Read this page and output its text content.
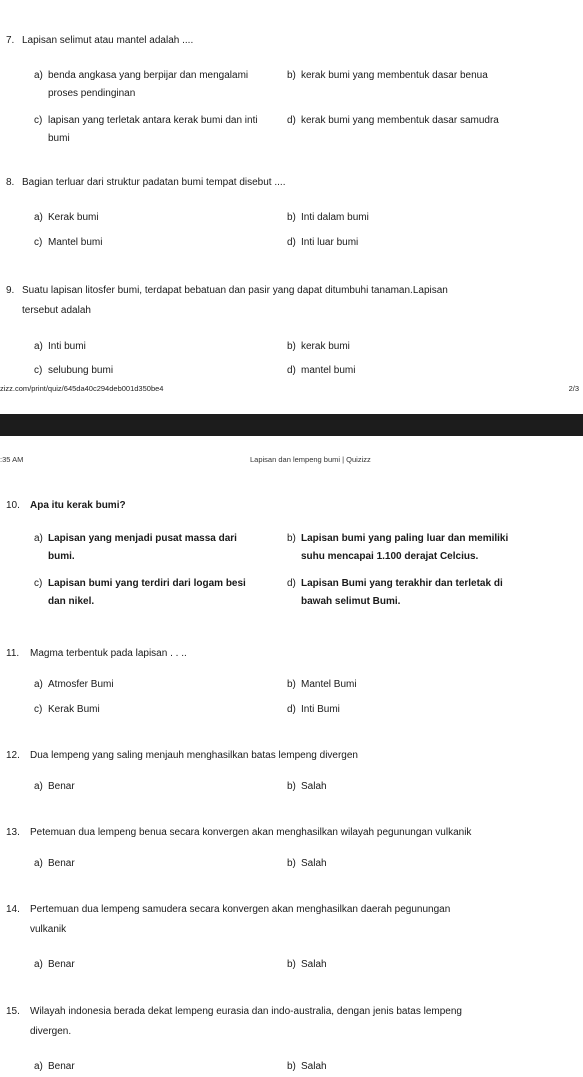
7. Lapisan selimut atau mantel adalah ....
a) benda angkasa yang berpijar dan mengalami
proses pendinginan
b) kerak bumi yang membentuk dasar benua
c) lapisan yang terletak antara kerak bumi dan inti
bumi
d) kerak bumi yang membentuk dasar samudra
8. Bagian terluar dari struktur padatan bumi tempat disebut ....
a) Kerak bumi	b) Inti dalam bumi
c) Mantel bumi	d) Inti luar bumi
9. Suatu lapisan litosfer bumi, terdapat bebatuan dan pasir yang dapat ditumbuhi tanaman.Lapisan
tersebut adalah
a) Inti bumi	b) kerak bumi
c) selubung bumi	d) mantel bumi
zizz.com/print/quiz/645da40c294deb001d350be4	2/3
:35 AM	Lapisan dan lempeng bumi | Quizizz
10. Apa itu kerak bumi?
a) Lapisan yang menjadi pusat massa dari
bumi.
b) Lapisan bumi yang paling luar dan memiliki
suhu mencapai 1.100 derajat Celcius.
c) Lapisan bumi yang terdiri dari logam besi
dan nikel.
d) Lapisan Bumi yang terakhir dan terletak di
bawah selimut Bumi.
11. Magma terbentuk pada lapisan . . ..
a) Atmosfer Bumi	b) Mantel Bumi
c) Kerak Bumi	d) Inti Bumi
12. Dua lempeng yang saling menjauh menghasilkan batas lempeng divergen
a) Benar	b) Salah
13. Petemuan dua lempeng benua secara konvergen akan menghasilkan wilayah pegunungan vulkanik
a) Benar	b) Salah
14. Pertemuan dua lempeng samudera secara konvergen akan menghasilkan daerah pegunungan
vulkanik
a) Benar	b) Salah
15. Wilayah indonesia berada dekat lempeng eurasia dan indo-australia, dengan jenis batas lempeng
divergen.
a) Benar	b) Salah
